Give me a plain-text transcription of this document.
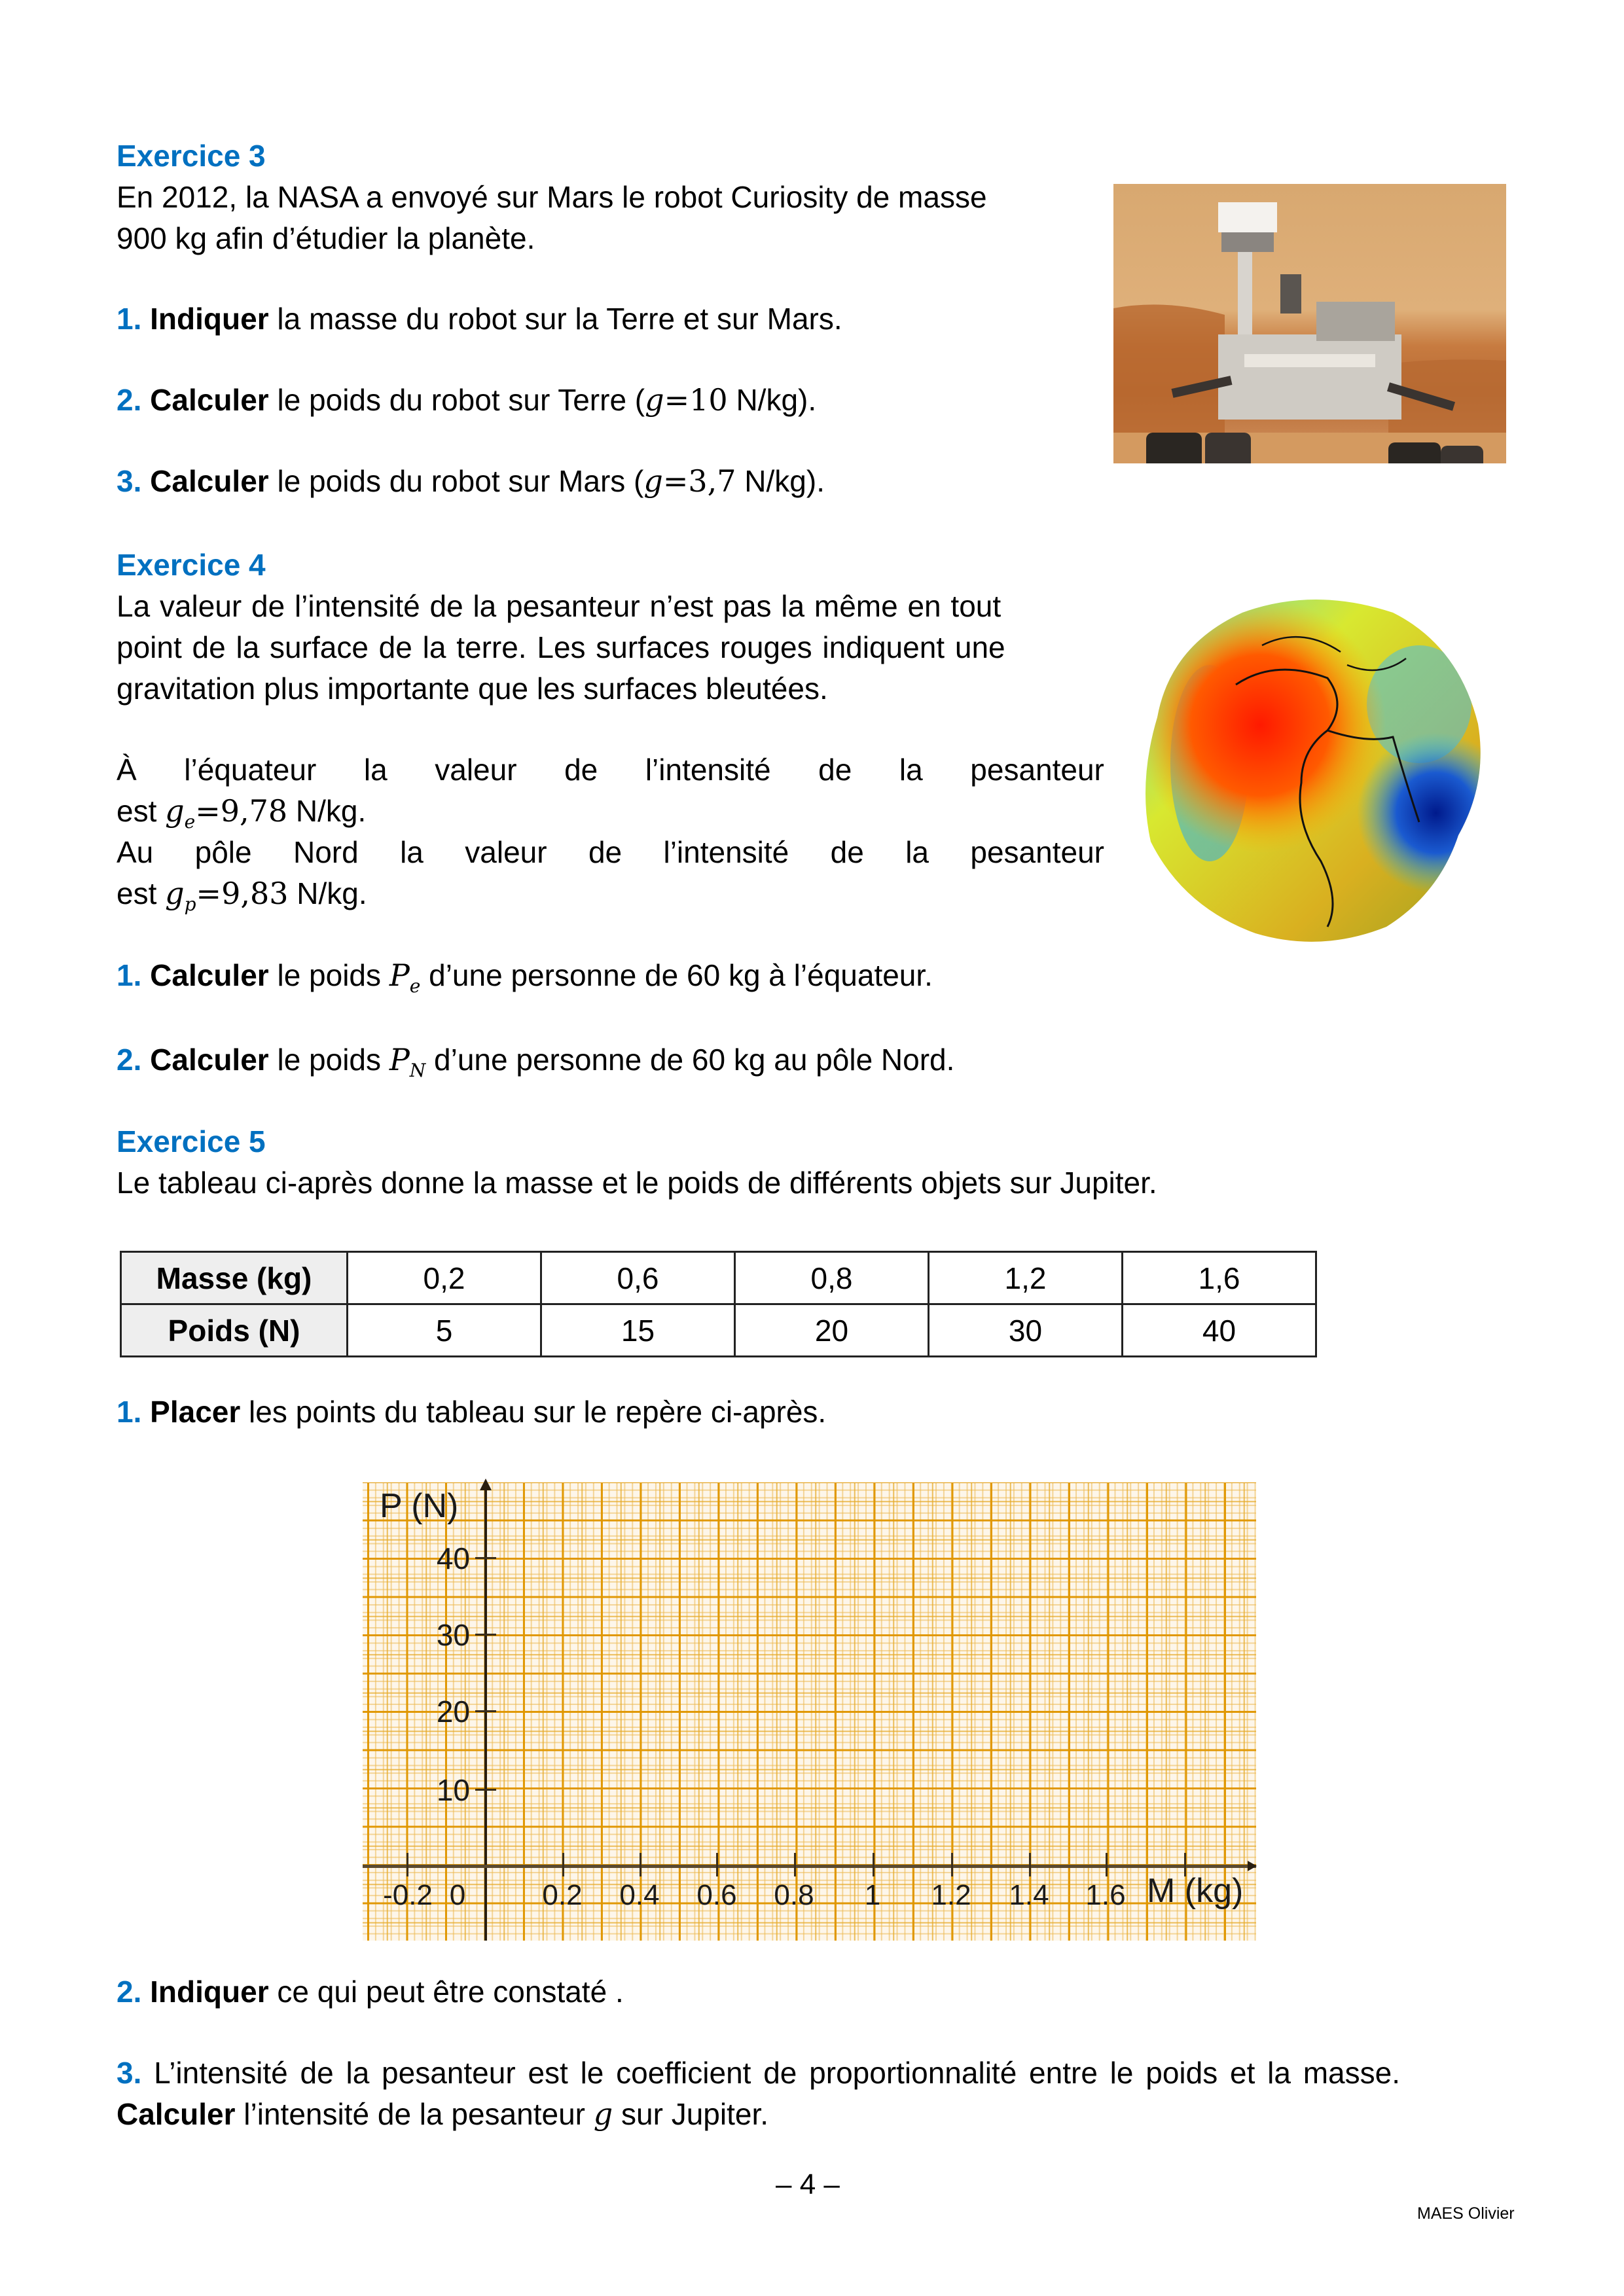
Exercice 3
En 2012, la NASA a envoyé sur Mars le robot Curiosity de masse
900 kg afin d’étudier la planète.
1. Indiquer la masse du robot sur la Terre et sur Mars.
2. Calculer le poids du robot sur Terre (g=10 N/kg).
3. Calculer le poids du robot sur Mars (g=3,7 N/kg).
Exercice 4
La valeur de l’intensité de la pesanteur n’est pas la même en tout
point de la surface de la terre. Les surfaces rouges indiquent une
gravitation plus importante que les surfaces bleutées.
À l’équateur la valeur de l’intensité de la pesanteur
est $g_e=9,78$ N/kg.
Au pôle Nord la valeur de l’intensité de la pesanteur
est $g_p=9,83$ N/kg.
1. Calculer le poids $P_e$ d’une personne de 60 kg à l’équateur.
2. Calculer le poids $P_N$ d’une personne de 60 kg au pôle Nord.
Exercice 5
Le tableau ci-après donne la masse et le poids de différents objets sur Jupiter.
Masse (kg)	0,2	0,6	0,8	1,2	1,6
Poids (N)	5	15	20	30	40
1. Placer les points du tableau sur le repère ci-après.
P (N)
40
30
20
10
-0.2 0	0.2	0.4	0.6	0.8	1	1.2	1.4	1.6 M (kg)
2. Indiquer ce qui peut être constaté .
3. L’intensité de la pesanteur est le coefficient de proportionnalité entre le poids et la masse.
Calculer l’intensité de la pesanteur g sur Jupiter.
– 4 –
MAES Olivier
